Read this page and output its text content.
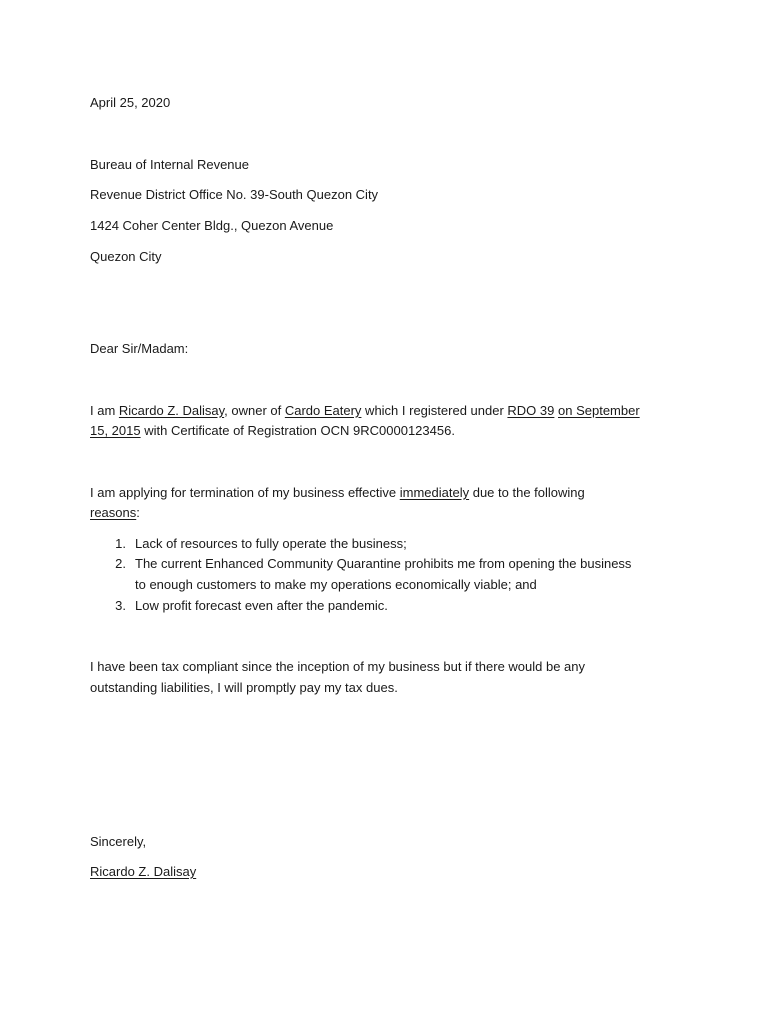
April 25, 2020
Bureau of Internal Revenue
Revenue District Office No. 39-South Quezon City
1424 Coher Center Bldg., Quezon Avenue
Quezon City
Dear Sir/Madam:
I am Ricardo Z. Dalisay, owner of Cardo Eatery which I registered under RDO 39 on September
15, 2015 with Certificate of Registration OCN 9RC0000123456.
I am applying for termination of my business effective immediately due to the following
reasons:
1. Lack of resources to fully operate the business;
2. The current Enhanced Community Quarantine prohibits me from opening the business
to enough customers to make my operations economically viable; and
3. Low profit forecast even after the pandemic.
I have been tax compliant since the inception of my business but if there would be any
outstanding liabilities, I will promptly pay my tax dues.
Sincerely,
Ricardo Z. Dalisay
